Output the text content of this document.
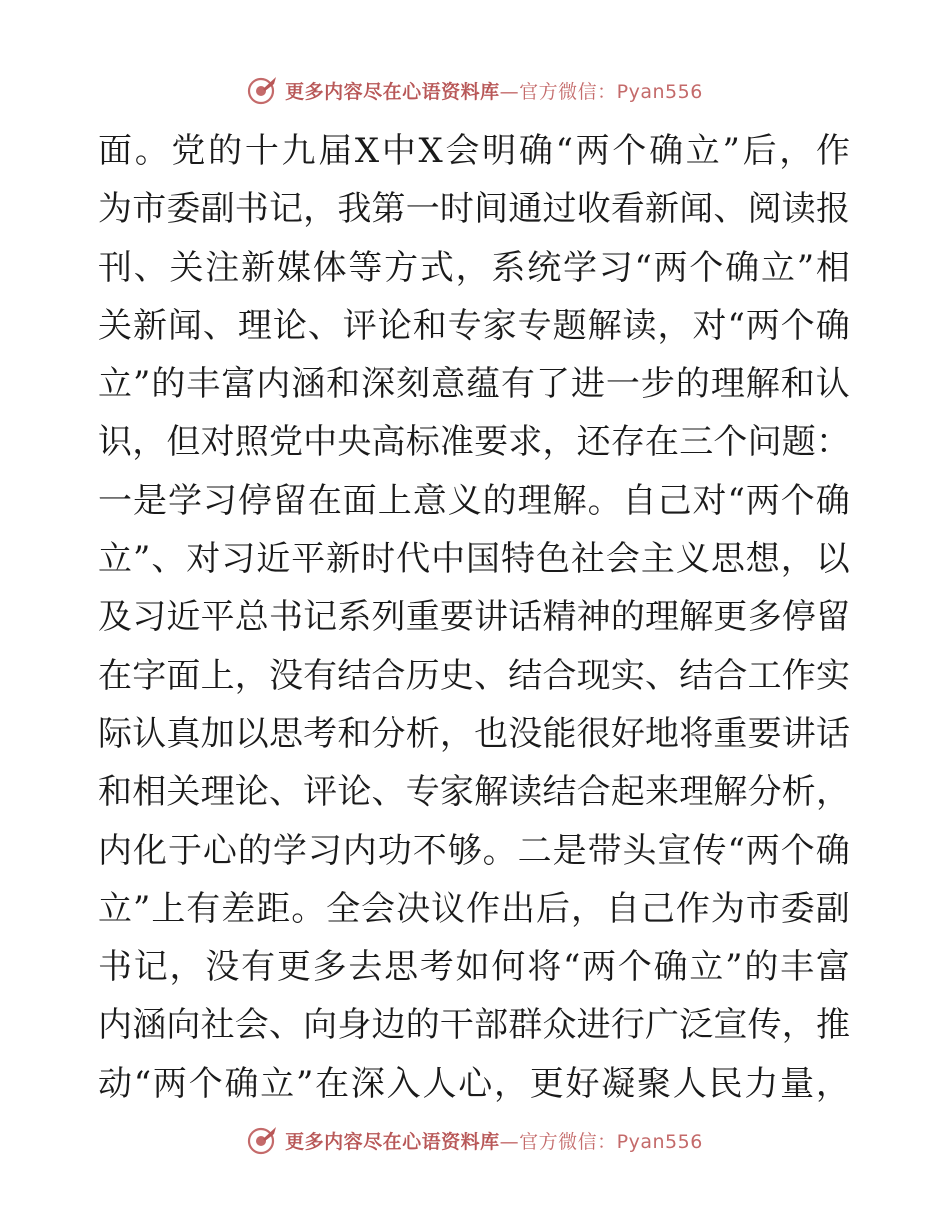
更多内容尽在心语资料库—官方微信：Pyan556
面 。 党 的 十 九 届 X 中 X 会 明 确 “ 两 个 确 立 ” 后 ， 作
为 市 委 副 书 记 ， 我 第 一 时 间 通 过 收 看 新 闻 、 阅 读 报
刊 、 关 注 新 媒 体 等 方 式 ， 系 统 学 习 “ 两 个 确 立 ” 相
关 新 闻 、 理 论 、 评 论 和 专 家 专 题 解 读 ， 对 “ 两 个 确
立 ” 的 丰 富 内 涵 和 深 刻 意 蕴 有 了 进 一 步 的 理 解 和 认
识 ， 但 对 照 党 中 央 高 标 准 要 求 ， 还 存 在 三 个 问 题 ：
一 是 学 习 停 留 在 面 上 意 义 的 理 解 。 自 己 对 “ 两 个 确
立 ” 、 对 习 近 平 新 时 代 中 国 特 色 社 会 主 义 思 想 ， 以
及 习 近 平 总 书 记 系 列 重 要 讲 话 精 神 的 理 解 更 多 停 留
在 字 面 上 ， 没 有 结 合 历 史 、 结 合 现 实 、 结 合 工 作 实
际 认 真 加 以 思 考 和 分 析 ， 也 没 能 很 好 地 将 重 要 讲 话
和 相 关 理 论 、 评 论 、 专 家 解 读 结 合 起 来 理 解 分 析 ，
内 化 于 心 的 学 习 内 功 不 够 。 二 是 带 头 宣 传 “ 两 个 确
立 ” 上 有 差 距 。 全 会 决 议 作 出 后 ， 自 己 作 为 市 委 副
书 记 ， 没 有 更 多 去 思 考 如 何 将 “ 两 个 确 立 ” 的 丰 富
内 涵 向 社 会 、 向 身 边 的 干 部 群 众 进 行 广 泛 宣 传 ， 推
动 “ 两 个 确 立 ” 在 深 入 人 心 ， 更 好 凝 聚 人 民 力 量 ，
更多内容尽在心语资料库—官方微信：Pyan556
